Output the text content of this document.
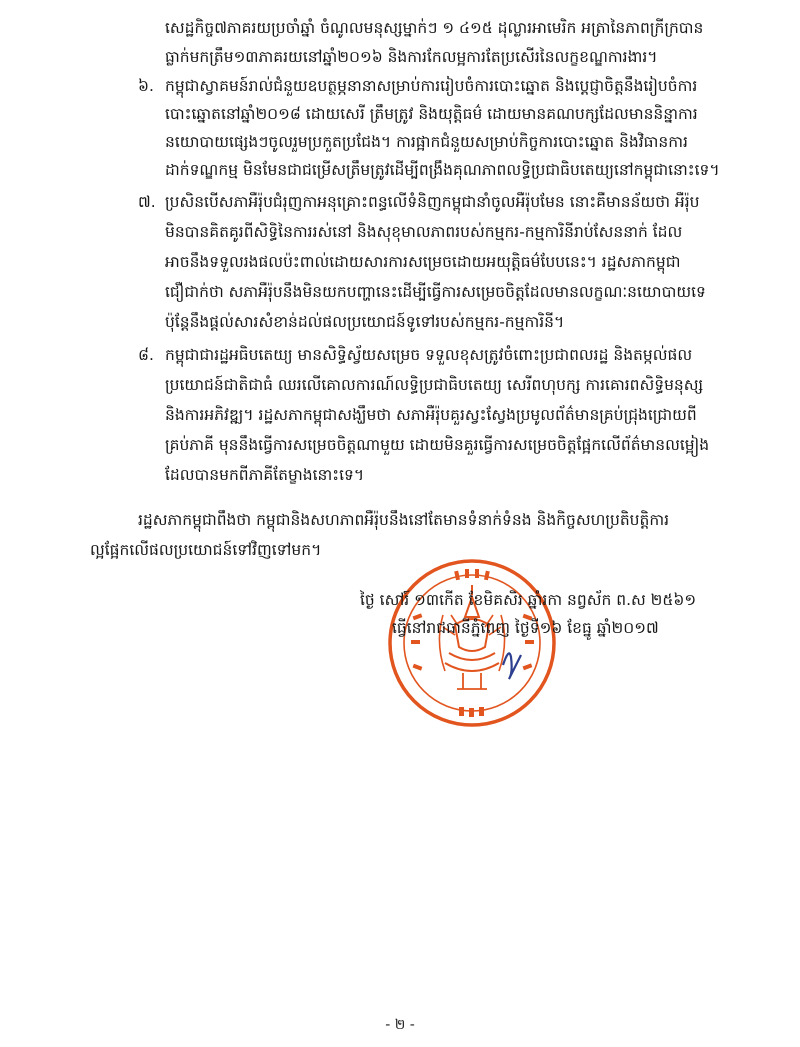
សេដ្ឋកិច្ច៧ភាគរយប្រចាំឆ្នាំ ចំណូលមនុស្សម្នាក់ៗ ១ ៤១៥ ដុល្លារអាមេរិក អត្រានៃភាពក្រីក្របាន
ធ្លាក់មកត្រឹម១៣ភាគរយនៅឆ្នាំ២០១៦ និងការកែលម្អការតែប្រសើរនៃលក្ខខណ្ឌការងារ។
៦. កម្ពុជាស្វាគមន៍រាល់ជំនួយឧបត្ថម្ភនានាសម្រាប់ការរៀបចំការបោះឆ្នោត និងប្តេជ្ញាចិត្តនឹងរៀបចំការ
បោះឆ្នោតនៅឆ្នាំ២០១៨ ដោយសេរី ត្រឹមត្រូវ និងយុត្តិធម៌ ដោយមានគណបក្សដែលមាននិន្នាការ
នយោបាយផ្សេងៗចូលរួមប្រកួតប្រជែង។ ការផ្អាកជំនួយសម្រាប់កិច្ចការបោះឆ្នោត និងវិធានការ
ដាក់ទណ្ឌកម្ម មិនមែនជាជម្រើសត្រឹមត្រូវដើម្បីពង្រឹងគុណភាពលទ្ធិប្រជាធិបតេយ្យនៅកម្ពុជានោះទេ។
៧. ប្រសិនបើសភាអឺរ៉ុបជំរុញកាអនុគ្រោះពន្ធលើទំនិញកម្ពុជានាំចូលអឺរ៉ុបមែន នោះគឺមានន័យថា អឺរ៉ុប
មិនបានគិតគូរពីសិទ្ធិនៃការរស់នៅ និងសុខុមាលភាពរបស់កម្មករ-កម្មការិនីរាប់សែននាក់ ដែល
អាចនឹងទទួលរងផលប៉ះពាល់ដោយសារការសម្រេចដោយអយុត្តិធម៌បែបនេះ។ រដ្ឋសភាកម្ពុជា
ជឿជាក់ថា សភាអឺរ៉ុបនឹងមិនយកបញ្ហានេះដើម្បីធ្វើការសម្រេចចិត្តដែលមានលក្ខណៈនយោបាយទេ
ប៉ុន្តែនឹងផ្តល់សារសំខាន់ដល់ផលប្រយោជន៍ទូទៅរបស់កម្មករ-កម្មការិនី។
៨. កម្ពុជាជារដ្ឋអធិបតេយ្យ មានសិទ្ធិស្វ័យសម្រេច ទទួលខុសត្រូវចំពោះប្រជាពលរដ្ឋ និងតម្កល់ផល
ប្រយោជន៍ជាតិជាធំ ឈរលើគោលការណ៍លទ្ធិប្រជាធិបតេយ្យ សេរីពហុបក្ស ការគោរពសិទ្ធិមនុស្ស
និងការអភិវឌ្ឍ។ រដ្ឋសភាកម្ពុជាសង្ឃឹមថា សភាអឺរ៉ុបគួរស្វះស្វែងប្រមូលព័ត៌មានគ្រប់ជ្រុងជ្រោយពី
គ្រប់ភាគី មុននឹងធ្វើការសម្រេចចិត្តណាមួយ ដោយមិនគួរធ្វើការសម្រេចចិត្តផ្អែកលើព័ត៌មានលម្អៀង
ដែលបានមកពីភាគីតែម្ខាងនោះទេ។
រដ្ឋសភាកម្ពុជាពឹងថា កម្ពុជានិងសហភាពអឺរ៉ុបនឹងនៅតែមានទំនាក់ទំនង និងកិច្ចសហប្រតិបត្តិការ
ល្អផ្អែកលើផលប្រយោជន៍ទៅវិញទៅមក។
ថ្ងៃ សៅរ៍ ១៣កើត ខែមិគសិរ ឆ្នាំរកា នព្វស័ក ព.ស ២៥៦១
ធ្វើនៅរាជធានីភ្នំពេញ ថ្ងៃទី១៦ ខែធ្នូ ឆ្នាំ២០១៧
- ២ -
